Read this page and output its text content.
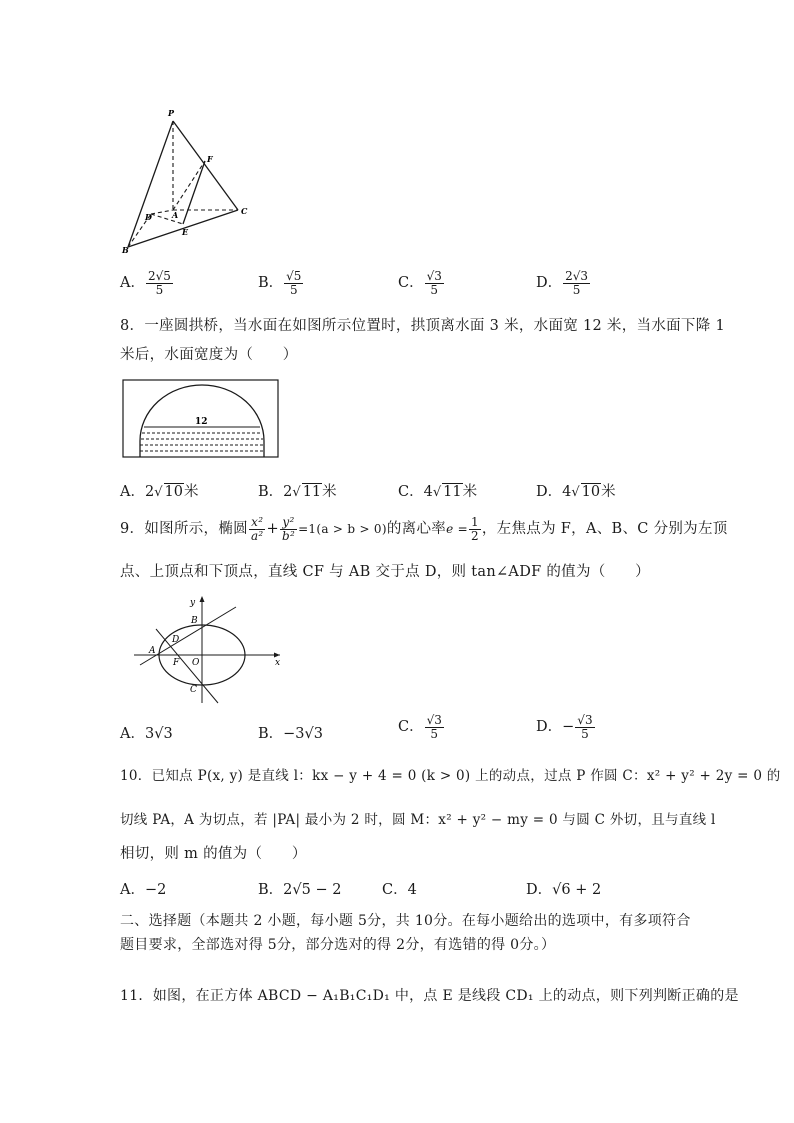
P
F
D	A	C
B
E
A． $\frac{2√5}{5}$	B． $\frac{√5}{5}$	C． $\frac{√3}{5}$	D． $\frac{2√3}{5}$
8．一座圆拱桥，当水面在如图所示位置时，拱顶离水面 3 米，水面宽 12 米，当水面下降 1
米后，水面宽度为（　　）
12
A．2√ 10米	B．2√ 11米	C．4√ 11米	D．4√ 10米
9．如图所示，椭圆 $\frac{\text{x²}}{\text{a²}} + \frac{\text{y²}}{\text{b²}} =1(a > b > 0)$的离心率$e = \frac{1}{2}$ ，左焦点为 F，A、B、C 分别为左顶
点、上顶点和下顶点，直线 CF 与 AB 交于点 D，则 tan∠ADF 的值为（　　）
y
B
D
A
F O	x
C
A．3√3	B．−3√3	C． $\frac{√3}{5}$	D．− $\frac{√3}{5}$
10．已知点 P(x, y) 是直线 l：kx − y + 4 = 0 (k > 0) 上的动点，过点 P 作圆 C：x² + y² + 2y = 0 的
切线 PA，A 为切点，若 |PA| 最小为 2 时，圆 M：x² + y² − my = 0 与圆 C 外切，且与直线 l
相切，则 m 的值为（　　）
A．−2	B．2√5 − 2	C．4	D．√6 + 2
二、选择题（本题共 2 小题，每小题 5分，共 10分。在每小题给出的选项中，有多项符合
题目要求，全部选对得 5分，部分选对的得 2分，有选错的得 0分。）
11．如图，在正方体 ABCD − A₁B₁C₁D₁ 中，点 E 是线段 CD₁ 上的动点，则下列判断正确的是
